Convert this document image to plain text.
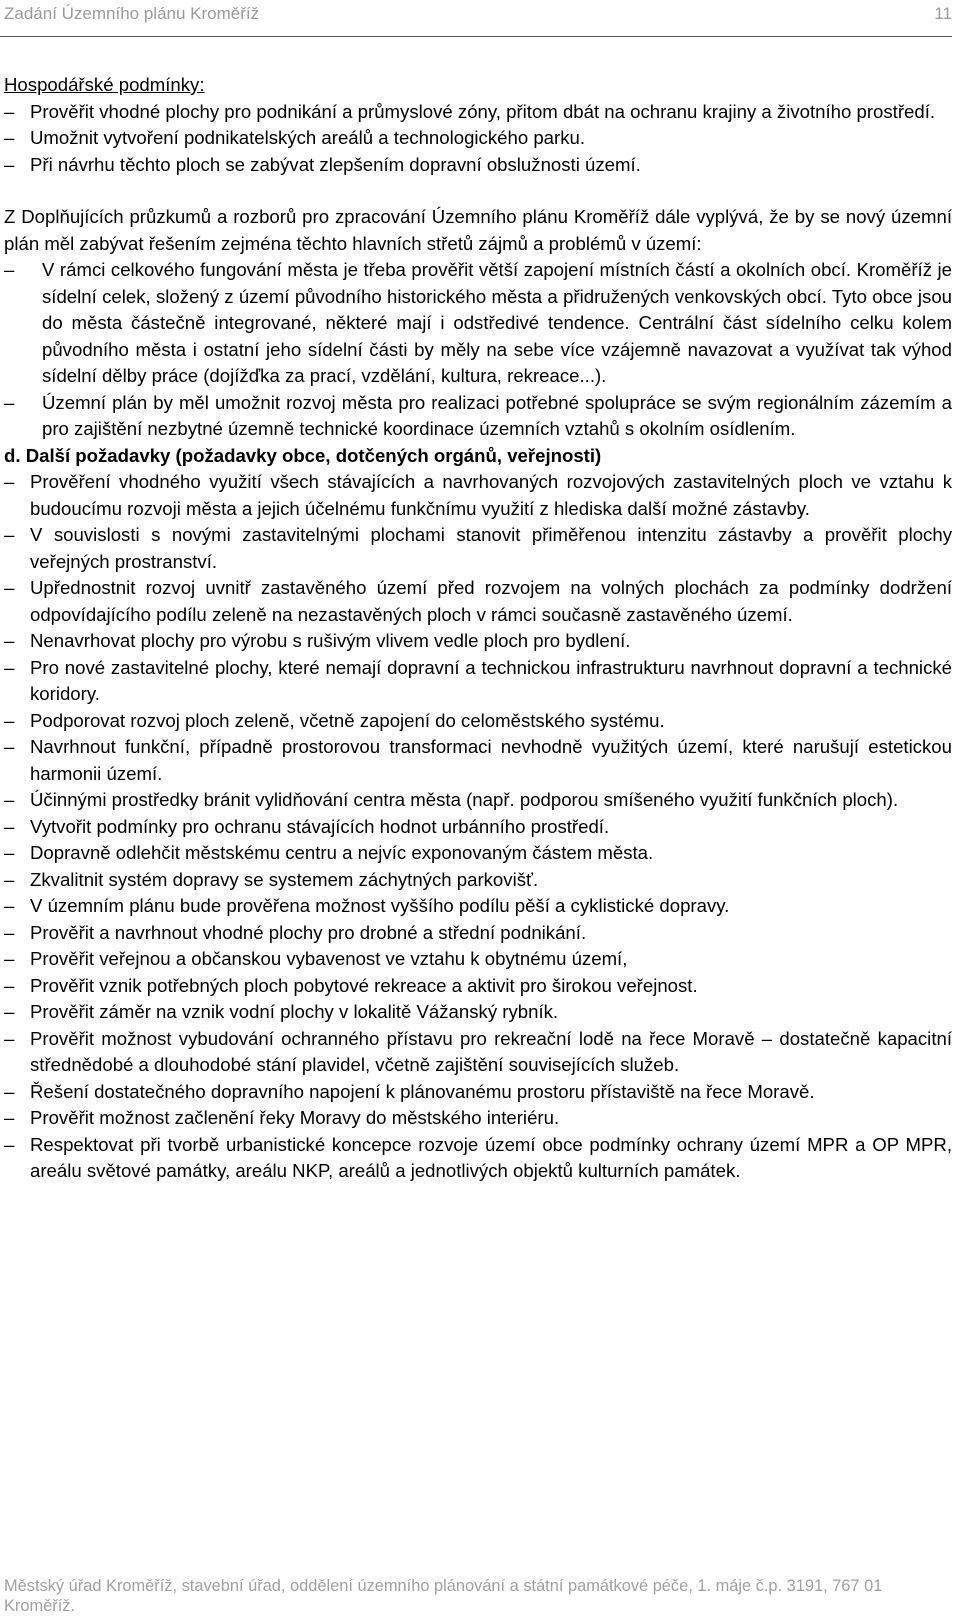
Zadání Územního plánu Kroměříž	11

Hospodářské podmínky:

– Prověřit vhodné plochy pro podnikání a průmyslové zóny, přitom dbát na ochranu krajiny a životního prostředí.
– Umožnit vytvoření podnikatelských areálů a technologického parku.
– Při návrhu těchto ploch se zabývat zlepšením dopravní obslužnosti území.

Z Doplňujících průzkumů a rozborů pro zpracování Územního plánu Kroměříž dále vyplývá, že by se nový územní plán měl zabývat řešením zejména těchto hlavních střetů zájmů a problémů v území:

– V rámci celkového fungování města je třeba prověřit větší zapojení místních částí a okolních obcí. Kroměříž je sídelní celek, složený z území původního historického města a přidružených venkovských obcí. Tyto obce jsou do města částečně integrované, některé mají i odstředivé tendence. Centrální část sídelního celku kolem původního města i ostatní jeho sídelní části by měly na sebe více vzájemně navazovat a využívat tak výhod sídelní dělby práce (dojížďka za prací, vzdělání, kultura, rekreace...).
– Územní plán by měl umožnit rozvoj města pro realizaci potřebné spolupráce se svým regionálním zázemím a pro zajištění nezbytné územně technické koordinace územních vztahů s okolním osídlením.

d. Další požadavky (požadavky obce, dotčených orgánů, veřejnosti)

– Prověření vhodného využití všech stávajících a navrhovaných rozvojových zastavitelných ploch ve vztahu k budoucímu rozvoji města a jejich účelnému funkčnímu využití z hlediska další možné zástavby.
– V souvislosti s novými zastavitelnými plochami stanovit přiměřenou intenzitu zástavby a prověřit plochy veřejných prostranství.
– Upřednostnit rozvoj uvnitř zastavěného území před rozvojem na volných plochách za podmínky dodržení odpovídajícího podílu zeleně na nezastavěných ploch v rámci současně zastavěného území.
– Nenavrhovat plochy pro výrobu s rušivým vlivem vedle ploch pro bydlení.
– Pro nové zastavitelné plochy, které nemají dopravní a technickou infrastrukturu navrhnout dopravní a technické koridory.
– Podporovat rozvoj ploch zeleně, včetně zapojení do celoměstského systému.
– Navrhnout funkční, případně prostorovou transformaci nevhodně využitých území, které narušují estetickou harmonii území.
– Účinnými prostředky bránit vylidňování centra města (např. podporou smíšeného využití funkčních ploch).
– Vytvořit podmínky pro ochranu stávajících hodnot urbánního prostředí.
– Dopravně odlehčit městskému centru a nejvíc exponovaným částem města.
– Zkvalitnit systém dopravy se systemem záchytných parkovišť.
– V územním plánu bude prověřena možnost vyššího podílu pěší a cyklistické dopravy.
– Prověřit a navrhnout vhodné plochy pro drobné a střední podnikání.
– Prověřit veřejnou a občanskou vybavenost ve vztahu k obytnému území,
– Prověřit vznik potřebných ploch pobytové rekreace a aktivit pro širokou veřejnost.
– Prověřit záměr na vznik vodní plochy v lokalitě Vážanský rybník.
– Prověřit možnost vybudování ochranného přístavu pro rekreační lodě na řece Moravě – dostatečně kapacitní střednědobé a dlouhodobé stání plavidel, včetně zajištění souvisejících služeb.
– Řešení dostatečného dopravního napojení k plánovanému prostoru přístaviště na řece Moravě.
– Prověřit možnost začlenění řeky Moravy do městského interiéru.
– Respektovat při tvorbě urbanistické koncepce rozvoje území obce podmínky ochrany území MPR a OP MPR, areálu světové památky, areálu NKP, areálů a jednotlivých objektů kulturních památek.
Městský úřad Kroměříž, stavební úřad, oddělení územního plánování a státní památkové péče, 1. máje č.p. 3191, 767 01 Kroměříž.
